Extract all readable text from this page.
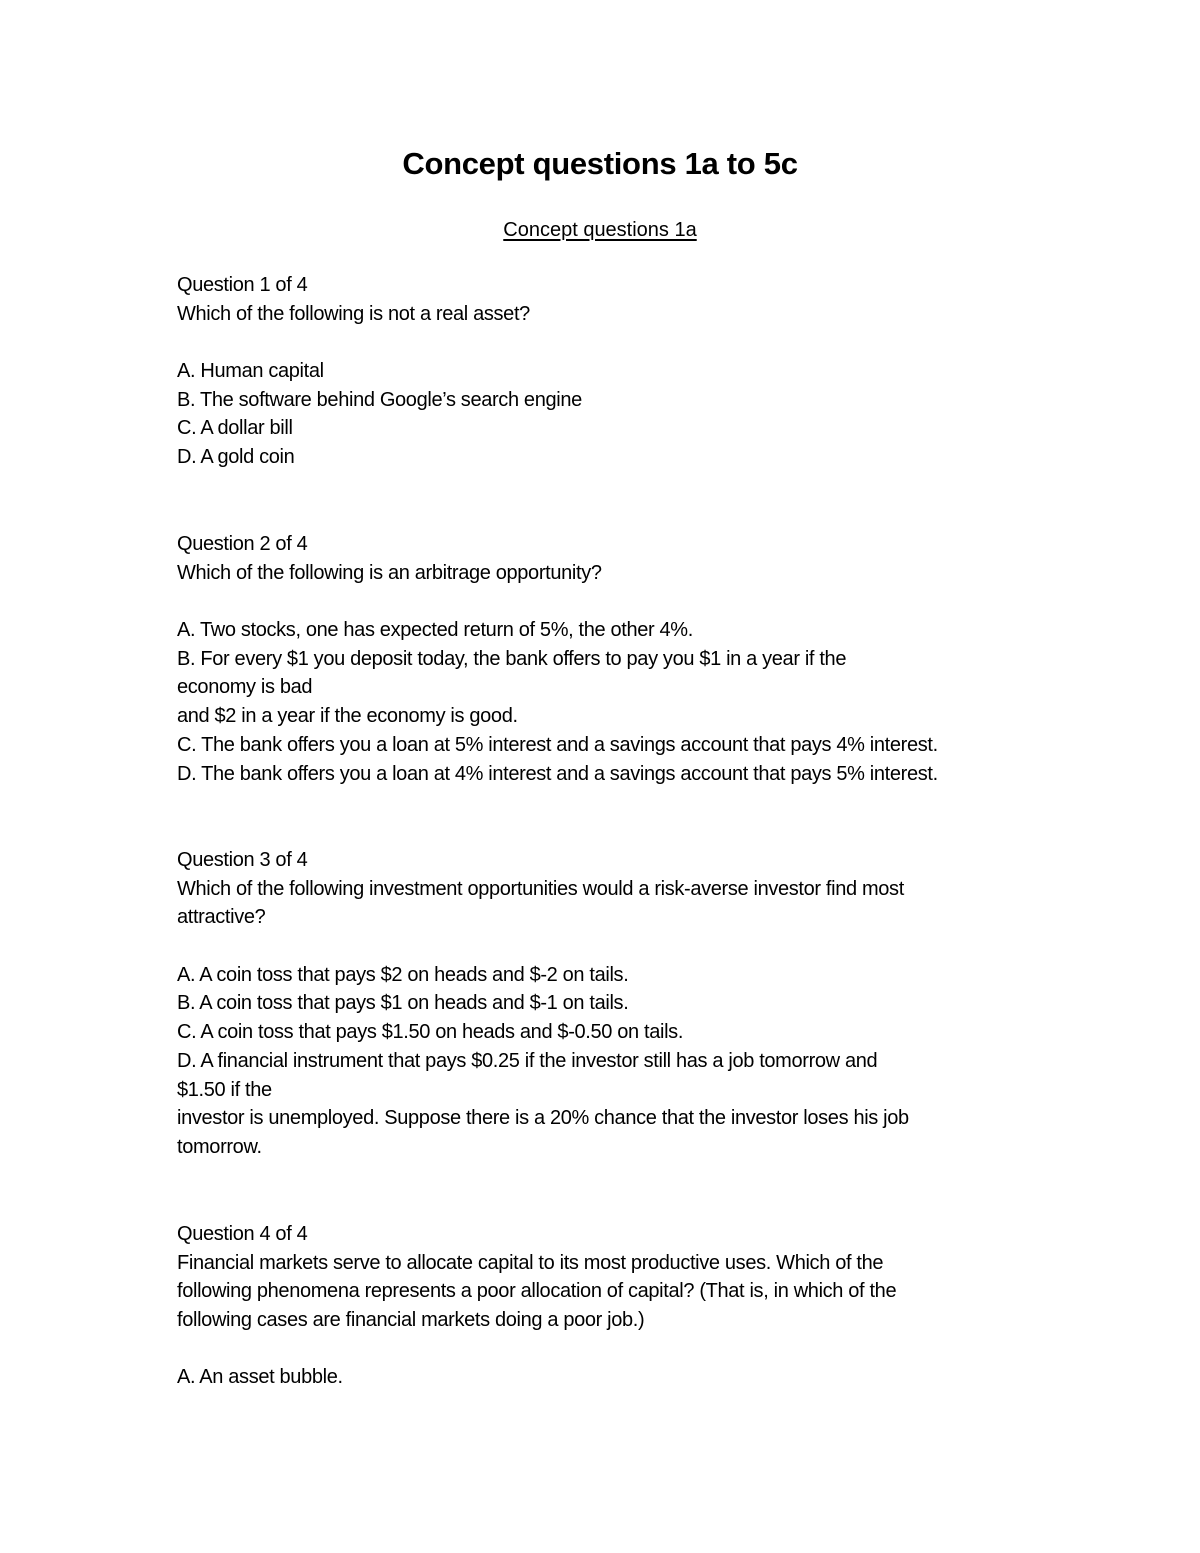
Concept questions 1a to 5c
Concept questions 1a
Question 1 of 4
Which of the following is not a real asset?
A. Human capital
B. The software behind Google’s search engine
C. A dollar bill
D. A gold coin
Question 2 of 4
Which of the following is an arbitrage opportunity?
A. Two stocks, one has expected return of 5%, the other 4%.
B. For every $1 you deposit today, the bank offers to pay you $1 in a year if the
economy is bad
and $2 in a year if the economy is good.
C. The bank offers you a loan at 5% interest and a savings account that pays 4% interest.
D. The bank offers you a loan at 4% interest and a savings account that pays 5% interest.
Question 3 of 4
Which of the following investment opportunities would a risk-averse investor find most
attractive?
A. A coin toss that pays $2 on heads and $-2 on tails.
B. A coin toss that pays $1 on heads and $-1 on tails.
C. A coin toss that pays $1.50 on heads and $-0.50 on tails.
D. A financial instrument that pays $0.25 if the investor still has a job tomorrow and
$1.50 if the
investor is unemployed. Suppose there is a 20% chance that the investor loses his job
tomorrow.
Question 4 of 4
Financial markets serve to allocate capital to its most productive uses. Which of the
following phenomena represents a poor allocation of capital? (That is, in which of the
following cases are financial markets doing a poor job.)
A. An asset bubble.
